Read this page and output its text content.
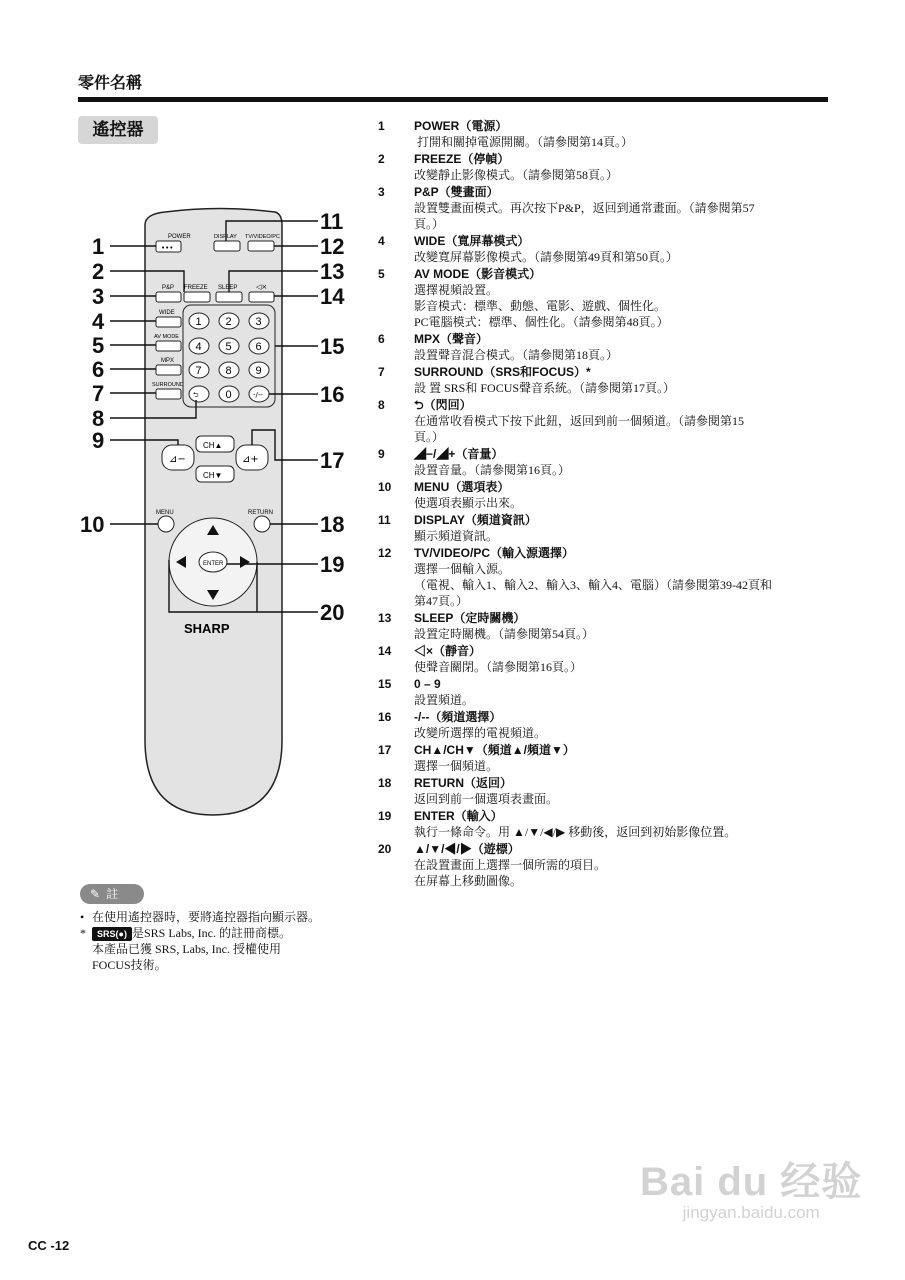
零件名稱
遙控器
POWER
•••
DISPLAY TV/VIDEO/PC
P&P FREEZE SLEEP	◁×
WIDE
AV MODE
MPX
SURROUND
1 2 3
4 5 6
7 8 9
0
⮌	-/--
CH▲
CH▼
⊿−	⊿+
MENU	RETURN
ENTER
SHARP
1
2
3
4
5
6
7
8
9
10
11
12
13
14
15
16
17
18
19
20
1	POWER（電源）
打開和關掉電源開關。（請參閱第14頁。）
2	FREEZE（停幀）
改變靜止影像模式。（請參閱第58頁。）
3	P&P（雙畫面）
設置雙畫面模式。再次按下P&P，返回到通常畫面。（請參閱第57
頁。）
4	WIDE（寬屏幕模式）
改變寬屏幕影像模式。（請參閱第49頁和第50頁。）
5	AV MODE（影音模式）
選擇視頻設置。
影音模式：標準、動態、電影、遊戲、個性化。
PC電腦模式：標準、個性化。（請參閱第48頁。）
6	MPX（聲音）
設置聲音混合模式。（請參閱第18頁。）
7	SURROUND（SRS和FOCUS）*
設 置 SRS和 FOCUS聲音系統。（請參閱第17頁。）
8	⮌（閃回）
在通常收看模式下按下此鈕，返回到前一個頻道。（請參閱第15
頁。）
9	◢−/◢+（音量）
設置音量。（請參閱第16頁。）
10	MENU（選項表）
使選項表顯示出來。
11	DISPLAY（頻道資訊）
顯示頻道資訊。
12	TV/VIDEO/PC（輸入源選擇）
選擇一個輸入源。
（電視、輸入1、輸入2、輸入3、輸入4、電腦）（請參閱第39-42頁和
第47頁。）
13	SLEEP（定時關機）
設置定時關機。（請參閱第54頁。）
14	◁×（靜音）
使聲音關閉。（請參閱第16頁。）
15	0 – 9
設置頻道。
16	-/--（頻道選擇）
改變所選擇的電視頻道。
17	CH▲/CH▼（頻道▲/頻道▼）
選擇一個頻道。
18	RETURN（返回）
返回到前一個選項表畫面。
19	ENTER（輸入）
執行一條命令。用 ▲/▼/◀/▶ 移動後，返回到初始影像位置。
20	▲/▼/◀/▶（遊標）
在設置畫面上選擇一個所需的項目。
在屏幕上移動圖像。
✎ 註
• 在使用遙控器時，要將遙控器指向顯示器。
* SRS(●) 是SRS Labs, Inc. 的註冊商標。
本產品已獲 SRS, Labs, Inc. 授權使用
FOCUS技術。
CC -12
Bai du 经验
jingyan.baidu.com
